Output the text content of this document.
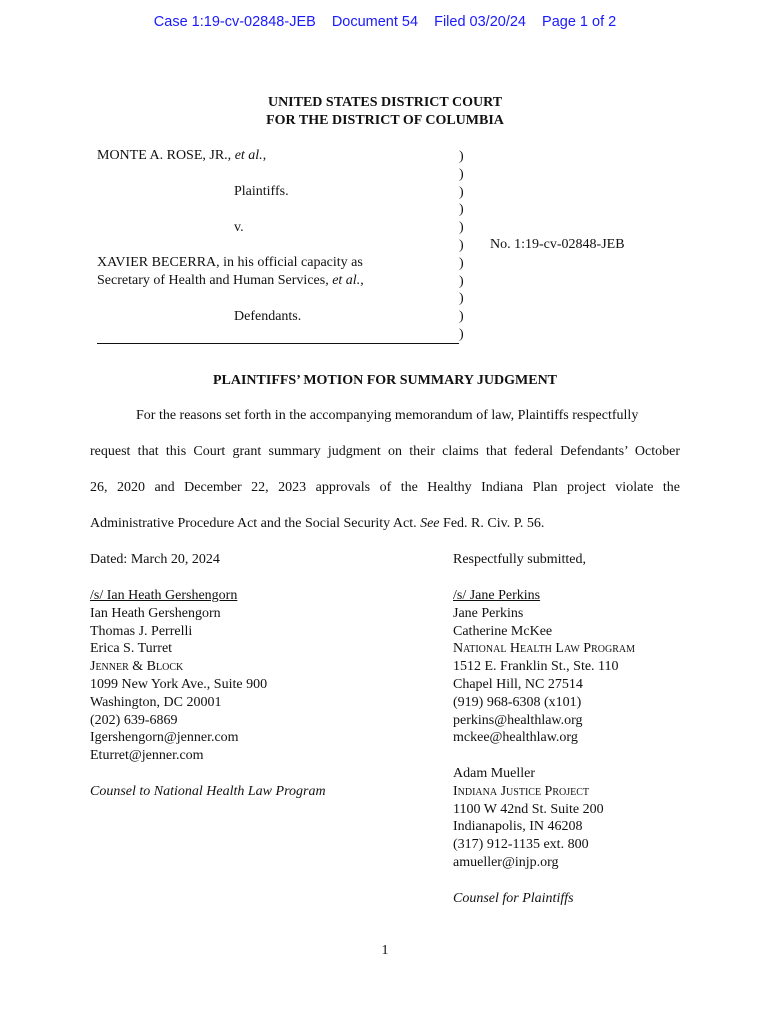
Case 1:19-cv-02848-JEB Document 54 Filed 03/20/24 Page 1 of 2
UNITED STATES DISTRICT COURT
FOR THE DISTRICT OF COLUMBIA
MONTE A. ROSE, JR., et al.,
Plaintiffs.
v.
XAVIER BECERRA, in his official capacity as
Secretary of Health and Human Services, et al.,
Defendants.
)
)
)
)
)
)
)
)
)
)
)
No. 1:19-cv-02848-JEB
PLAINTIFFS’ MOTION FOR SUMMARY JUDGMENT
For the reasons set forth in the accompanying memorandum of law, Plaintiffs respectfully
request that this Court grant summary judgment on their claims that federal Defendants’ October
26, 2020 and December 22, 2023 approvals of the Healthy Indiana Plan project violate the
Administrative Procedure Act and the Social Security Act. See Fed. R. Civ. P. 56.
Dated: March 20, 2024	Respectfully submitted,
/s/ Ian Heath Gershengorn
Ian Heath Gershengorn
Thomas J. Perrelli
Erica S. Turret
Jenner & Block
1099 New York Ave., Suite 900
Washington, DC 20001
(202) 639-6869
Igershengorn@jenner.com
Eturret@jenner.com
Counsel to National Health Law Program
/s/ Jane Perkins
Jane Perkins
Catherine McKee
National Health Law Program
1512 E. Franklin St., Ste. 110
Chapel Hill, NC 27514
(919) 968-6308 (x101)
perkins@healthlaw.org
mckee@healthlaw.org
Adam Mueller
Indiana Justice Project
1100 W 42nd St. Suite 200
Indianapolis, IN 46208
(317) 912-1135 ext. 800
amueller@injp.org
Counsel for Plaintiffs
1
